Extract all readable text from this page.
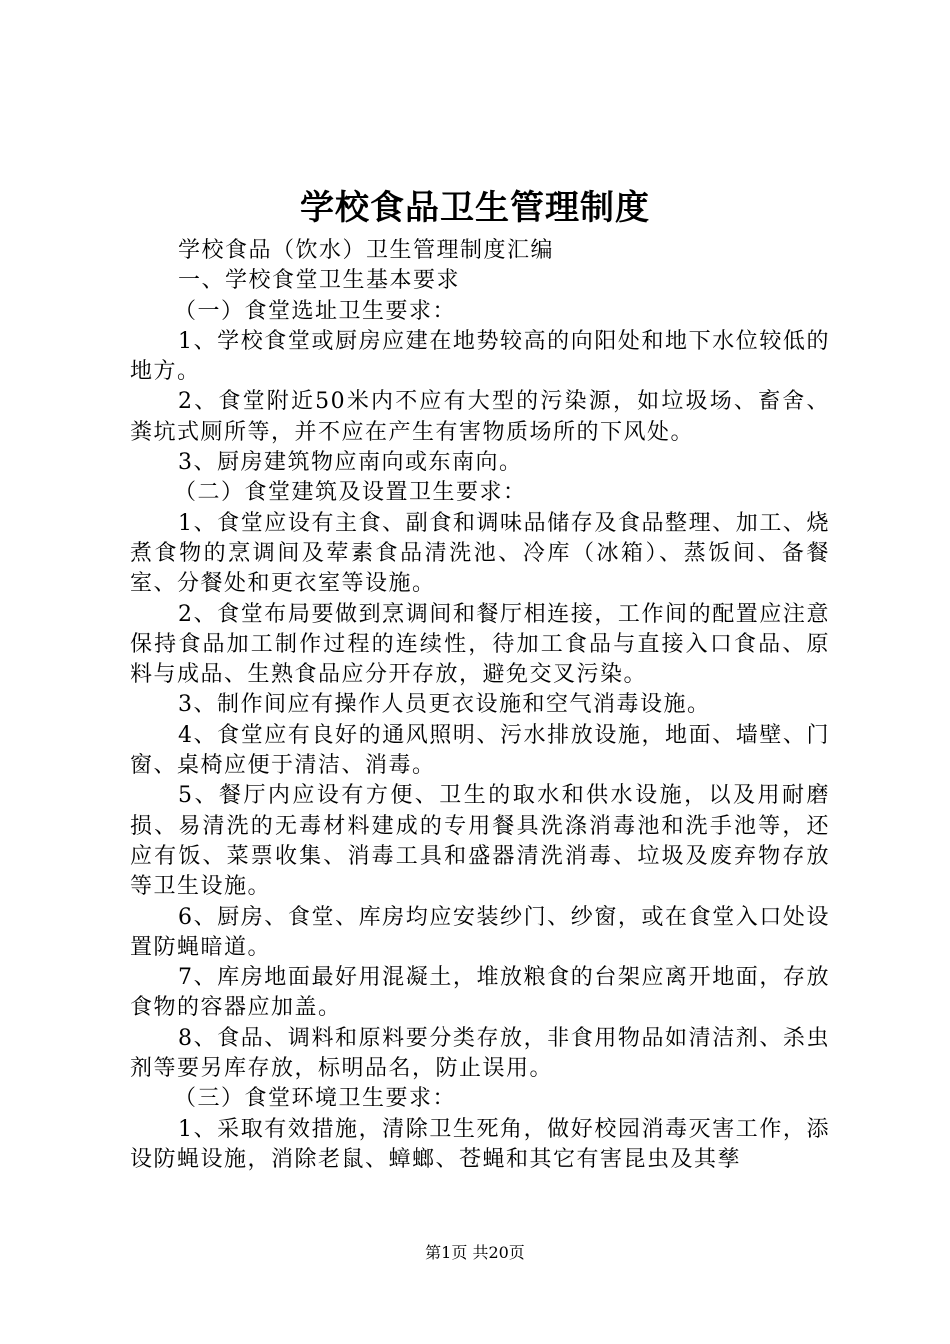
学校食品卫生管理制度

学校食品（饮水）卫生管理制度汇编

一、学校食堂卫生基本要求

（一）食堂选址卫生要求：

1、学校食堂或厨房应建在地势较高的向阳处和地下水位较低的地方。

2、食堂附近50米内不应有大型的污染源，如垃圾场、畜舍、粪坑式厕所等，并不应在产生有害物质场所的下风处。

3、厨房建筑物应南向或东南向。

（二）食堂建筑及设置卫生要求：

1、食堂应设有主食、副食和调味品储存及食品整理、加工、烧煮食物的烹调间及荤素食品清洗池、冷库（冰箱）、蒸饭间、备餐室、分餐处和更衣室等设施。

2、食堂布局要做到烹调间和餐厅相连接，工作间的配置应注意保持食品加工制作过程的连续性，待加工食品与直接入口食品、原料与成品、生熟食品应分开存放，避免交叉污染。

3、制作间应有操作人员更衣设施和空气消毒设施。

4、食堂应有良好的通风照明、污水排放设施，地面、墙壁、门窗、桌椅应便于清洁、消毒。

5、餐厅内应设有方便、卫生的取水和供水设施，以及用耐磨损、易清洗的无毒材料建成的专用餐具洗涤消毒池和洗手池等，还应有饭、菜票收集、消毒工具和盛器清洗消毒、垃圾及废弃物存放等卫生设施。

6、厨房、食堂、库房均应安装纱门、纱窗，或在食堂入口处设置防蝇暗道。

7、库房地面最好用混凝土，堆放粮食的台架应离开地面，存放食物的容器应加盖。

8、食品、调料和原料要分类存放，非食用物品如清洁剂、杀虫剂等要另库存放，标明品名，防止误用。

（三）食堂环境卫生要求：

1、采取有效措施，清除卫生死角，做好校园消毒灭害工作，添设防蝇设施，消除老鼠、蟑螂、苍蝇和其它有害昆虫及其孳

第1页 共20页
